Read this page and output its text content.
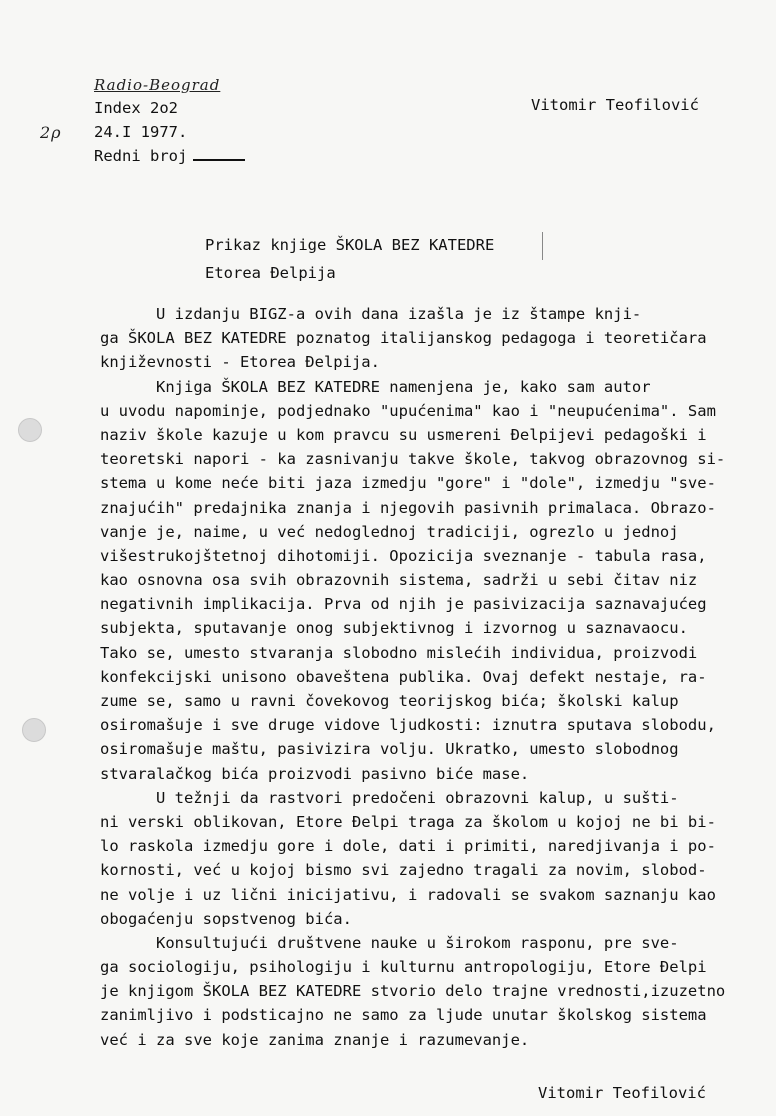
Radio-Beograd
2ρ
Index 2o2
24.I 1977.
Redni broj
Vitomir Teofilović
Prikaz knjige ŠKOLA BEZ KATEDRE
Etorea Đelpija
U izdanju BIGZ-a ovih dana izašla je iz štampe knji-
ga ŠKOLA BEZ KATEDRE poznatog italijanskog pedagoga i teoretičara
književnosti - Etorea Đelpija.
Knjiga ŠKOLA BEZ KATEDRE namenjena je, kako sam autor
u uvodu napominje, podjednako "upućenima" kao i "neupućenima". Sam
naziv škole kazuje u kom pravcu su usmereni Đelpijevi pedagoški i
teoretski napori - ka zasnivanju takve škole, takvog obrazovnog si-
stema u kome neće biti jaza izmedju "gore" i "dole", izmedju "sve-
znajućih" predajnika znanja i njegovih pasivnih primalaca. Obrazo-
vanje je, naime, u već nedoglednoj tradiciji, ogrezlo u jednoj
višestrukojštetnoj dihotomiji. Opozicija sveznanje - tabula rasa,
kao osnovna osa svih obrazovnih sistema, sadrži u sebi čitav niz
negativnih implikacija. Prva od njih je pasivizacija saznavajućeg
subjekta, sputavanje onog subjektivnog i izvornog u saznavaocu.
Tako se, umesto stvaranja slobodno mislećih individua, proizvodi
konfekcijski unisono obaveštena publika. Ovaj defekt nestaje, ra-
zume se, samo u ravni čovekovog teorijskog bića; školski kalup
osiromašuje i sve druge vidove ljudkosti: iznutra sputava slobodu,
osiromašuje maštu, pasivizira volju. Ukratko, umesto slobodnog
stvaralačkog bića proizvodi pasivno biće mase.
U težnji da rastvori predočeni obrazovni kalup, u sušti-
ni verski oblikovan, Etore Đelpi traga za školom u kojoj ne bi bi-
lo raskola izmedju gore i dole, dati i primiti, naredjivanja i po-
kornosti, već u kojoj bismo svi zajedno tragali za novim, slobod-
ne volje i uz lični inicijativu, i radovali se svakom saznanju kao
obogaćenju sopstvenog bića.
Konsultujući društvene nauke u širokom rasponu, pre sve-
ga sociologiju, psihologiju i kulturnu antropologiju, Etore Đelpi
je knjigom ŠKOLA BEZ KATEDRE stvorio delo trajne vrednosti,izuzetno
zanimljivo i podsticajno ne samo za ljude unutar školskog sistema
već i za sve koje zanima znanje i razumevanje.
Vitomir Teofilović
